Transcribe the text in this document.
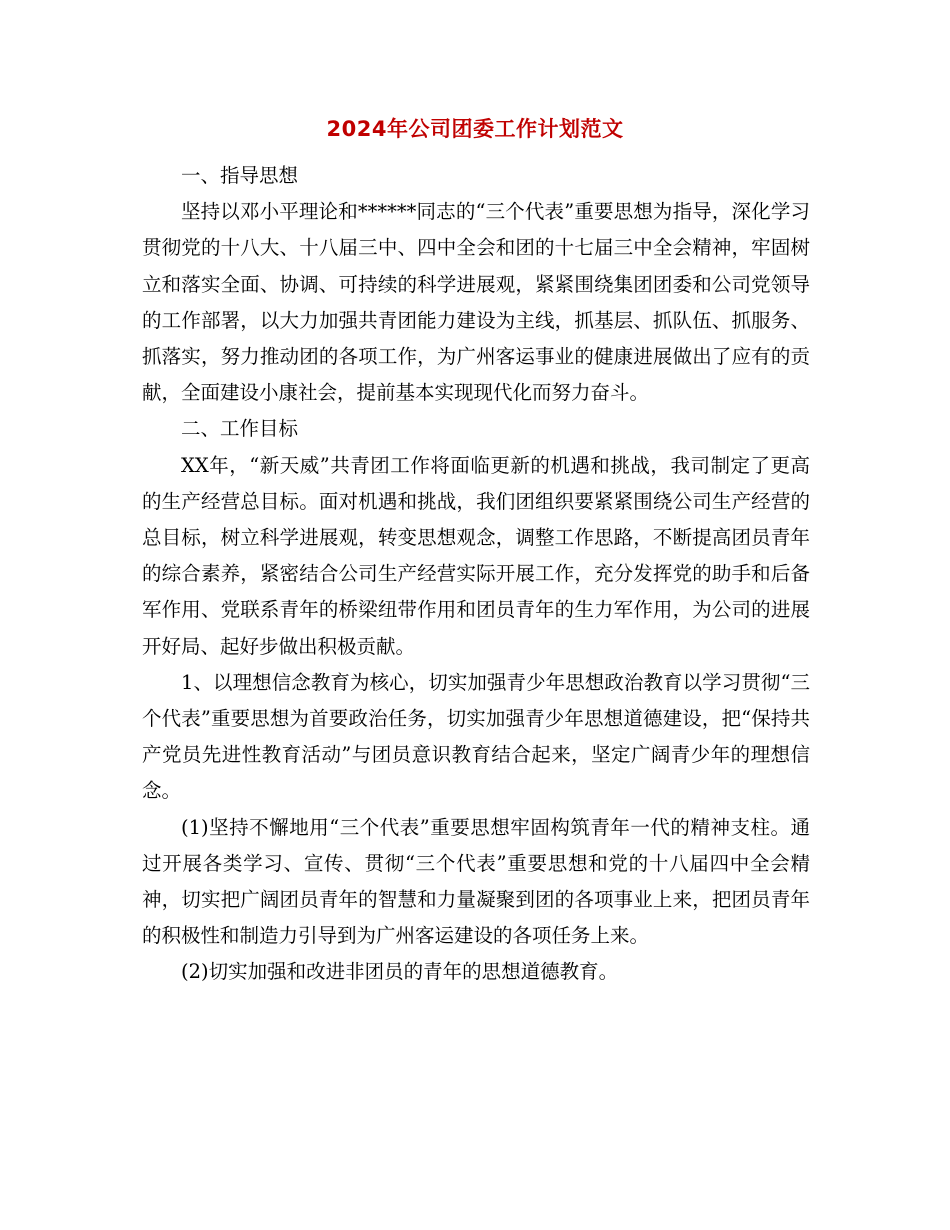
2024年公司团委工作计划范文

一、指导思想

坚持以邓小平理论和******同志的“三个代表”重要思想为指导，深化学习贯彻党的十八大、十八届三中、四中全会和团的十七届三中全会精神，牢固树立和落实全面、协调、可持续的科学进展观，紧紧围绕集团团委和公司党领导的工作部署，以大力加强共青团能力建设为主线，抓基层、抓队伍、抓服务、抓落实，努力推动团的各项工作，为广州客运事业的健康进展做出了应有的贡献，全面建设小康社会，提前基本实现现代化而努力奋斗。

二、工作目标

XX年，“新天威”共青团工作将面临更新的机遇和挑战，我司制定了更高的生产经营总目标。面对机遇和挑战，我们团组织要紧紧围绕公司生产经营的总目标，树立科学进展观，转变思想观念，调整工作思路，不断提高团员青年的综合素养，紧密结合公司生产经营实际开展工作，充分发挥党的助手和后备军作用、党联系青年的桥梁纽带作用和团员青年的生力军作用，为公司的进展开好局、起好步做出积极贡献。

1、以理想信念教育为核心，切实加强青少年思想政治教育以学习贯彻“三个代表”重要思想为首要政治任务，切实加强青少年思想道德建设，把“保持共产党员先进性教育活动”与团员意识教育结合起来，坚定广阔青少年的理想信念。

(1)坚持不懈地用“三个代表”重要思想牢固构筑青年一代的精神支柱。通过开展各类学习、宣传、贯彻“三个代表”重要思想和党的十八届四中全会精神，切实把广阔团员青年的智慧和力量凝聚到团的各项事业上来，把团员青年的积极性和制造力引导到为广州客运建设的各项任务上来。

(2)切实加强和改进非团员的青年的思想道德教育。
